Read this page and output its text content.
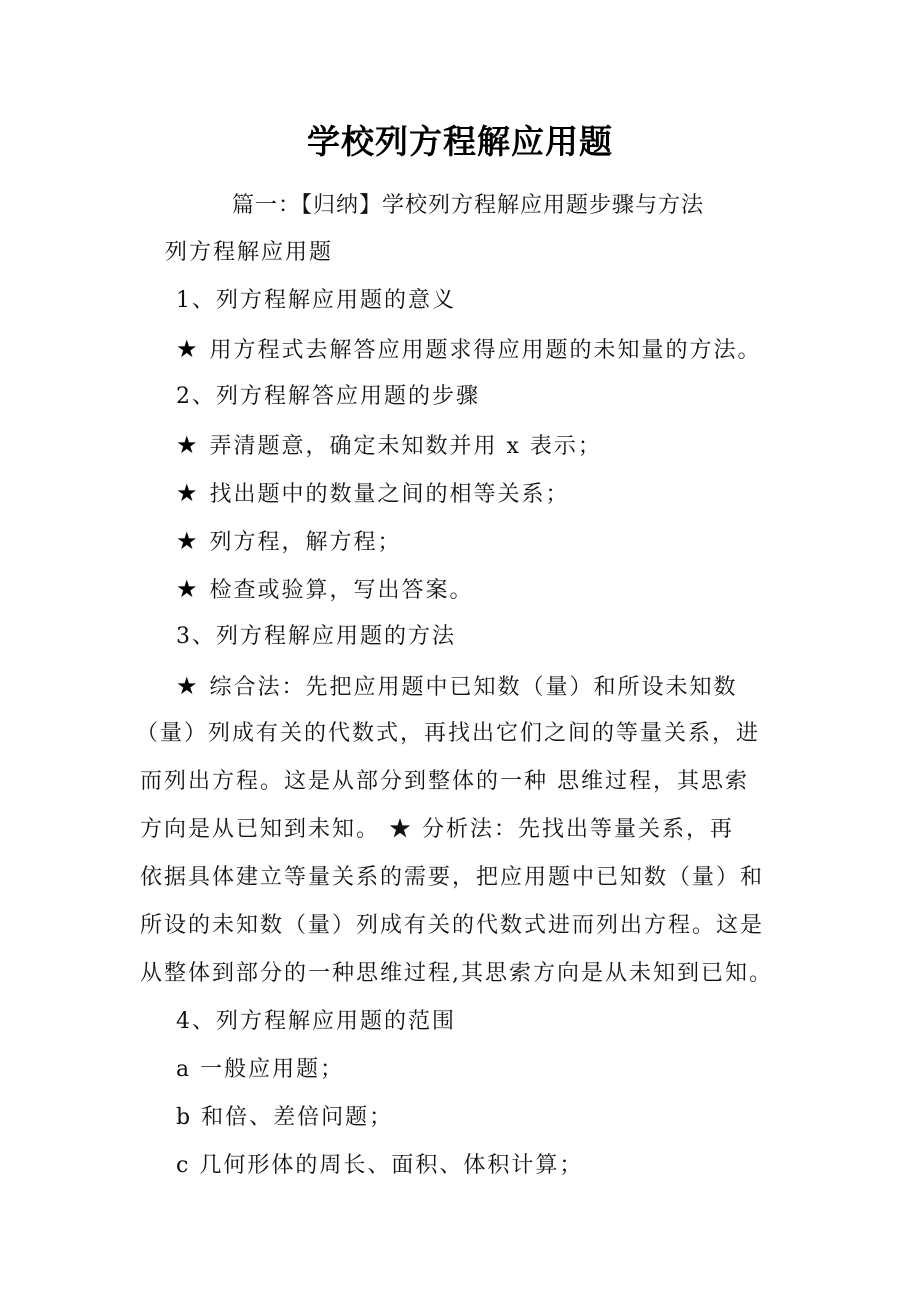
学校列方程解应用题
篇一：【归纳】学校列方程解应用题步骤与方法
列方程解应用题
1、列方程解应用题的意义
★ 用方程式去解答应用题求得应用题的未知量的方法。
2、列方程解答应用题的步骤
★ 弄清题意，确定未知数并用 x 表示；
★ 找出题中的数量之间的相等关系；
★ 列方程，解方程；
★ 检查或验算，写出答案。
3、列方程解应用题的方法
★ 综合法：先把应用题中已知数（量）和所设未知数
（量）列成有关的代数式，再找出它们之间的等量关系，进
而列出方程。这是从部分到整体的一种 思维过程，其思索
方向是从已知到未知。 ★ 分析法：先找出等量关系，再
依据具体建立等量关系的需要，把应用题中已知数（量）和
所设的未知数（量）列成有关的代数式进而列出方程。这是
从整体到部分的一种思维过程,其思索方向是从未知到已知。
4、列方程解应用题的范围
a 一般应用题；
b 和倍、差倍问题；
c 几何形体的周长、面积、体积计算；
